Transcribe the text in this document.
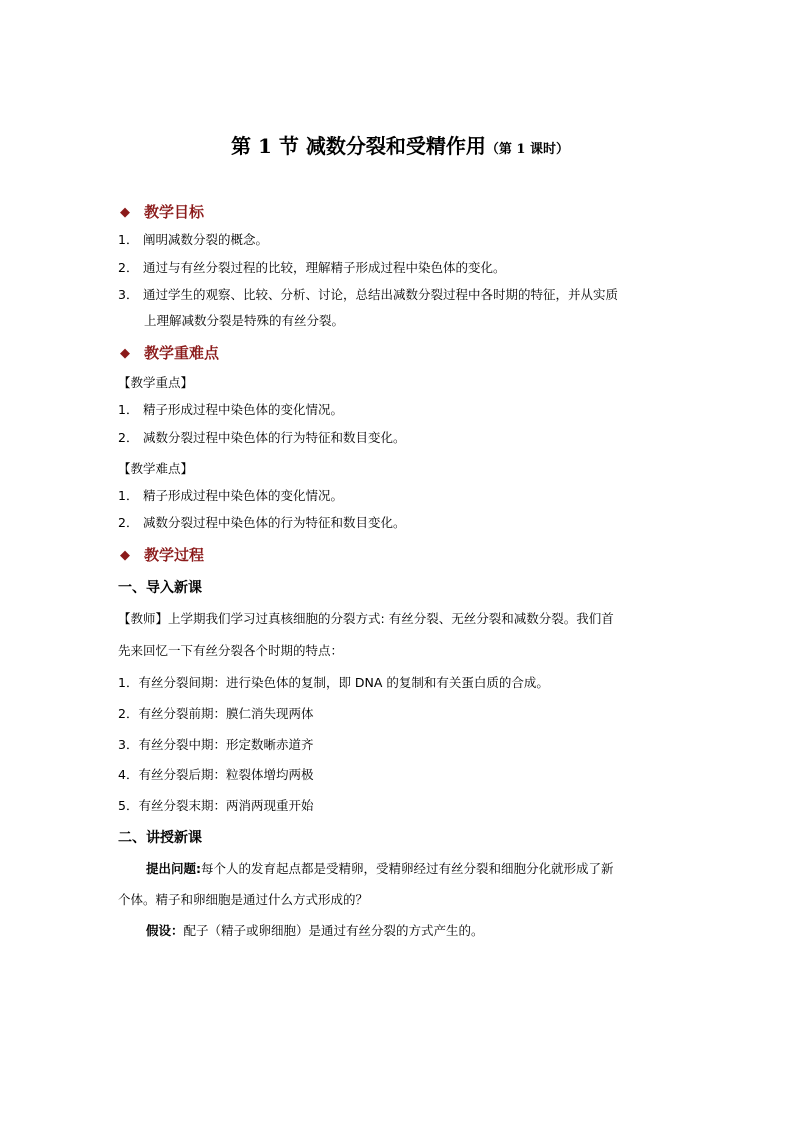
第 1 节 减数分裂和受精作用（第 1 课时）
◆ 教学目标
1． 阐明减数分裂的概念。
2． 通过与有丝分裂过程的比较，理解精子形成过程中染色体的变化。
3． 通过学生的观察、比较、分析、讨论，总结出减数分裂过程中各时期的特征，并从实质
上理解减数分裂是特殊的有丝分裂。
◆ 教学重难点
【教学重点】
1． 精子形成过程中染色体的变化情况。
2． 减数分裂过程中染色体的行为特征和数目变化。
【教学难点】
1． 精子形成过程中染色体的变化情况。
2． 减数分裂过程中染色体的行为特征和数目变化。
◆ 教学过程
一、导入新课
【教师】上学期我们学习过真核细胞的分裂方式: 有丝分裂、无丝分裂和减数分裂。我们首
先来回忆一下有丝分裂各个时期的特点：
1．有丝分裂间期：进行染色体的复制，即 DNA 的复制和有关蛋白质的合成。
2．有丝分裂前期：膜仁消失现两体
3．有丝分裂中期：形定数晰赤道齐
4．有丝分裂后期：粒裂体增均两极
5．有丝分裂末期：两消两现重开始
二、讲授新课
提出问题:每个人的发育起点都是受精卵，受精卵经过有丝分裂和细胞分化就形成了新
个体。精子和卵细胞是通过什么方式形成的？
假设：配子（精子或卵细胞）是通过有丝分裂的方式产生的。
